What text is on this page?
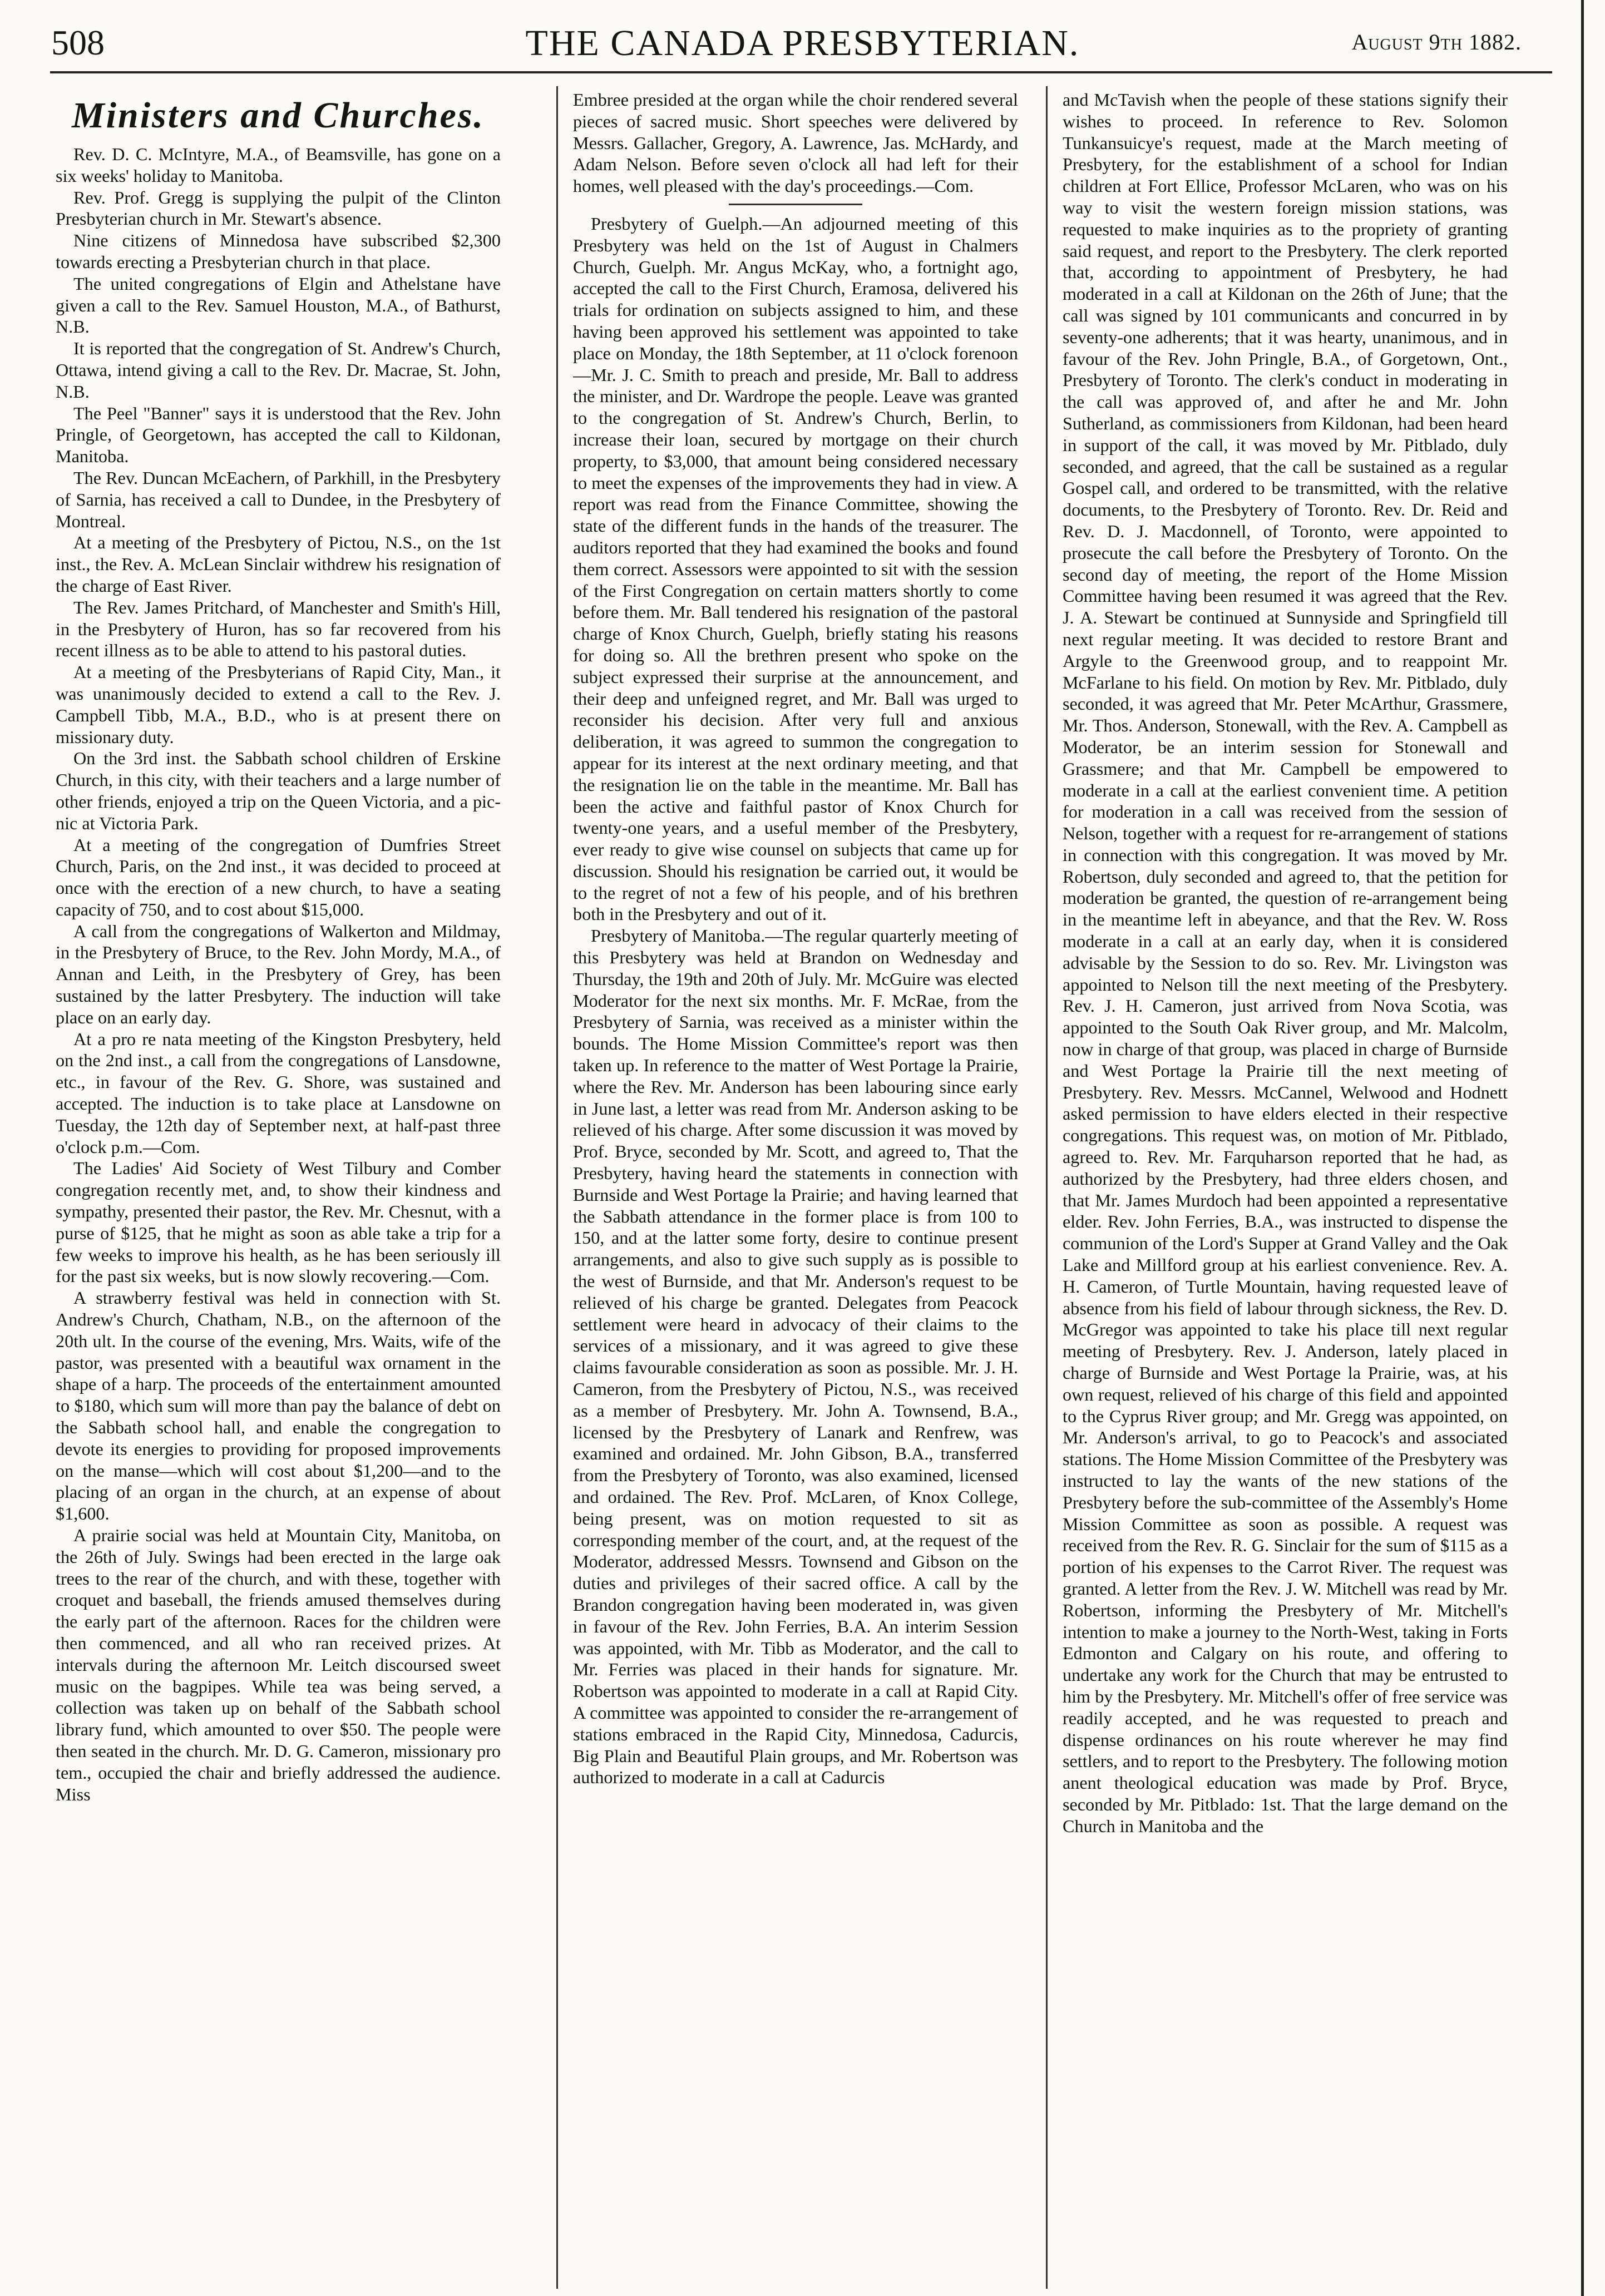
508	THE CANADA PRESBYTERIAN.	August 9th 1882.
Ministers and Churches.

Rev. D. C. McIntyre, M.A., of Beamsville, has gone on a six weeks' holiday to Manitoba.

Rev. Prof. Gregg is supplying the pulpit of the Clinton Presbyterian church in Mr. Stewart's absence.

Nine citizens of Minnedosa have subscribed $2,300 towards erecting a Presbyterian church in that place.

The united congregations of Elgin and Athelstane have given a call to the Rev. Samuel Houston, M.A., of Bathurst, N.B.

It is reported that the congregation of St. Andrew's Church, Ottawa, intend giving a call to the Rev. Dr. Macrae, St. John, N.B.

The Peel "Banner" says it is understood that the Rev. John Pringle, of Georgetown, has accepted the call to Kildonan, Manitoba.

The Rev. Duncan McEachern, of Parkhill, in the Presbytery of Sarnia, has received a call to Dundee, in the Presbytery of Montreal.

At a meeting of the Presbytery of Pictou, N.S., on the 1st inst., the Rev. A. McLean Sinclair withdrew his resignation of the charge of East River.

The Rev. James Pritchard, of Manchester and Smith's Hill, in the Presbytery of Huron, has so far recovered from his recent illness as to be able to attend to his pastoral duties.

At a meeting of the Presbyterians of Rapid City, Man., it was unanimously decided to extend a call to the Rev. J. Campbell Tibb, M.A., B.D., who is at present there on missionary duty.

On the 3rd inst. the Sabbath school children of Erskine Church, in this city, with their teachers and a large number of other friends, enjoyed a trip on the Queen Victoria, and a pic-nic at Victoria Park.

At a meeting of the congregation of Dumfries Street Church, Paris, on the 2nd inst., it was decided to proceed at once with the erection of a new church, to have a seating capacity of 750, and to cost about $15,000.

A call from the congregations of Walkerton and Mildmay, in the Presbytery of Bruce, to the Rev. John Mordy, M.A., of Annan and Leith, in the Presbytery of Grey, has been sustained by the latter Presbytery. The induction will take place on an early day.

At a pro re nata meeting of the Kingston Presbytery, held on the 2nd inst., a call from the congregations of Lansdowne, etc., in favour of the Rev. G. Shore, was sustained and accepted. The induction is to take place at Lansdowne on Tuesday, the 12th day of September next, at half-past three o'clock p.m.—Com.

The Ladies' Aid Society of West Tilbury and Comber congregation recently met, and, to show their kindness and sympathy, presented their pastor, the Rev. Mr. Chesnut, with a purse of $125, that he might as soon as able take a trip for a few weeks to improve his health, as he has been seriously ill for the past six weeks, but is now slowly recovering.—Com.

A strawberry festival was held in connection with St. Andrew's Church, Chatham, N.B., on the afternoon of the 20th ult. In the course of the evening, Mrs. Waits, wife of the pastor, was presented with a beautiful wax ornament in the shape of a harp. The proceeds of the entertainment amounted to $180, which sum will more than pay the balance of debt on the Sabbath school hall, and enable the congregation to devote its energies to providing for proposed improvements on the manse—which will cost about $1,200—and to the placing of an organ in the church, at an expense of about $1,600.

A prairie social was held at Mountain City, Manitoba, on the 26th of July. Swings had been erected in the large oak trees to the rear of the church, and with these, together with croquet and baseball, the friends amused themselves during the early part of the afternoon. Races for the children were then commenced, and all who ran received prizes. At intervals during the afternoon Mr. Leitch discoursed sweet music on the bagpipes. While tea was being served, a collection was taken up on behalf of the Sabbath school library fund, which amounted to over $50. The people were then seated in the church. Mr. D. G. Cameron, missionary pro tem., occupied the chair and briefly addressed the audience. Miss

Embree presided at the organ while the choir rendered several pieces of sacred music. Short speeches were delivered by Messrs. Gallacher, Gregory, A. Lawrence, Jas. McHardy, and Adam Nelson. Before seven o'clock all had left for their homes, well pleased with the day's proceedings.—Com.

Presbytery of Guelph.—An adjourned meeting of this Presbytery was held on the 1st of August in Chalmers Church, Guelph. Mr. Angus McKay, who, a fortnight ago, accepted the call to the First Church, Eramosa, delivered his trials for ordination on subjects assigned to him, and these having been approved his settlement was appointed to take place on Monday, the 18th September, at 11 o'clock forenoon—Mr. J. C. Smith to preach and preside, Mr. Ball to address the minister, and Dr. Wardrope the people. Leave was granted to the congregation of St. Andrew's Church, Berlin, to increase their loan, secured by mortgage on their church property, to $3,000, that amount being considered necessary to meet the expenses of the improvements they had in view. A report was read from the Finance Committee, showing the state of the different funds in the hands of the treasurer. The auditors reported that they had examined the books and found them correct. Assessors were appointed to sit with the session of the First Congregation on certain matters shortly to come before them. Mr. Ball tendered his resignation of the pastoral charge of Knox Church, Guelph, briefly stating his reasons for doing so. All the brethren present who spoke on the subject expressed their surprise at the announcement, and their deep and unfeigned regret, and Mr. Ball was urged to reconsider his decision. After very full and anxious deliberation, it was agreed to summon the congregation to appear for its interest at the next ordinary meeting, and that the resignation lie on the table in the meantime. Mr. Ball has been the active and faithful pastor of Knox Church for twenty-one years, and a useful member of the Presbytery, ever ready to give wise counsel on subjects that came up for discussion. Should his resignation be carried out, it would be to the regret of not a few of his people, and of his brethren both in the Presbytery and out of it.

Presbytery of Manitoba.—The regular quarterly meeting of this Presbytery was held at Brandon on Wednesday and Thursday, the 19th and 20th of July. Mr. McGuire was elected Moderator for the next six months. Mr. F. McRae, from the Presbytery of Sarnia, was received as a minister within the bounds. The Home Mission Committee's report was then taken up. In reference to the matter of West Portage la Prairie, where the Rev. Mr. Anderson has been labouring since early in June last, a letter was read from Mr. Anderson asking to be relieved of his charge. After some discussion it was moved by Prof. Bryce, seconded by Mr. Scott, and agreed to, That the Presbytery, having heard the statements in connection with Burnside and West Portage la Prairie; and having learned that the Sabbath attendance in the former place is from 100 to 150, and at the latter some forty, desire to continue present arrangements, and also to give such supply as is possible to the west of Burnside, and that Mr. Anderson's request to be relieved of his charge be granted. Delegates from Peacock settlement were heard in advocacy of their claims to the services of a missionary, and it was agreed to give these claims favourable consideration as soon as possible. Mr. J. H. Cameron, from the Presbytery of Pictou, N.S., was received as a member of Presbytery. Mr. John A. Townsend, B.A., licensed by the Presbytery of Lanark and Renfrew, was examined and ordained. Mr. John Gibson, B.A., transferred from the Presbytery of Toronto, was also examined, licensed and ordained. The Rev. Prof. McLaren, of Knox College, being present, was on motion requested to sit as corresponding member of the court, and, at the request of the Moderator, addressed Messrs. Townsend and Gibson on the duties and privileges of their sacred office. A call by the Brandon congregation having been moderated in, was given in favour of the Rev. John Ferries, B.A. An interim Session was appointed, with Mr. Tibb as Moderator, and the call to Mr. Ferries was placed in their hands for signature. Mr. Robertson was appointed to moderate in a call at Rapid City. A committee was appointed to consider the re-arrangement of stations embraced in the Rapid City, Minnedosa, Cadurcis, Big Plain and Beautiful Plain groups, and Mr. Robertson was authorized to moderate in a call at Cadurcis

and McTavish when the people of these stations signify their wishes to proceed. In reference to Rev. Solomon Tunkansuicye's request, made at the March meeting of Presbytery, for the establishment of a school for Indian children at Fort Ellice, Professor McLaren, who was on his way to visit the western foreign mission stations, was requested to make inquiries as to the propriety of granting said request, and report to the Presbytery. The clerk reported that, according to appointment of Presbytery, he had moderated in a call at Kildonan on the 26th of June; that the call was signed by 101 communicants and concurred in by seventy-one adherents; that it was hearty, unanimous, and in favour of the Rev. John Pringle, B.A., of Gorgetown, Ont., Presbytery of Toronto. The clerk's conduct in moderating in the call was approved of, and after he and Mr. John Sutherland, as commissioners from Kildonan, had been heard in support of the call, it was moved by Mr. Pitblado, duly seconded, and agreed, that the call be sustained as a regular Gospel call, and ordered to be transmitted, with the relative documents, to the Presbytery of Toronto. Rev. Dr. Reid and Rev. D. J. Macdonnell, of Toronto, were appointed to prosecute the call before the Presbytery of Toronto. On the second day of meeting, the report of the Home Mission Committee having been resumed it was agreed that the Rev. J. A. Stewart be continued at Sunnyside and Springfield till next regular meeting. It was decided to restore Brant and Argyle to the Greenwood group, and to reappoint Mr. McFarlane to his field. On motion by Rev. Mr. Pitblado, duly seconded, it was agreed that Mr. Peter McArthur, Grassmere, Mr. Thos. Anderson, Stonewall, with the Rev. A. Campbell as Moderator, be an interim session for Stonewall and Grassmere; and that Mr. Campbell be empowered to moderate in a call at the earliest convenient time. A petition for moderation in a call was received from the session of Nelson, together with a request for re-arrangement of stations in connection with this congregation. It was moved by Mr. Robertson, duly seconded and agreed to, that the petition for moderation be granted, the question of re-arrangement being in the meantime left in abeyance, and that the Rev. W. Ross moderate in a call at an early day, when it is considered advisable by the Session to do so. Rev. Mr. Livingston was appointed to Nelson till the next meeting of the Presbytery. Rev. J. H. Cameron, just arrived from Nova Scotia, was appointed to the South Oak River group, and Mr. Malcolm, now in charge of that group, was placed in charge of Burnside and West Portage la Prairie till the next meeting of Presbytery. Rev. Messrs. McCannel, Welwood and Hodnett asked permission to have elders elected in their respective congregations. This request was, on motion of Mr. Pitblado, agreed to. Rev. Mr. Farquharson reported that he had, as authorized by the Presbytery, had three elders chosen, and that Mr. James Murdoch had been appointed a representative elder. Rev. John Ferries, B.A., was instructed to dispense the communion of the Lord's Supper at Grand Valley and the Oak Lake and Millford group at his earliest convenience. Rev. A. H. Cameron, of Turtle Mountain, having requested leave of absence from his field of labour through sickness, the Rev. D. McGregor was appointed to take his place till next regular meeting of Presbytery. Rev. J. Anderson, lately placed in charge of Burnside and West Portage la Prairie, was, at his own request, relieved of his charge of this field and appointed to the Cyprus River group; and Mr. Gregg was appointed, on Mr. Anderson's arrival, to go to Peacock's and associated stations. The Home Mission Committee of the Presbytery was instructed to lay the wants of the new stations of the Presbytery before the sub-committee of the Assembly's Home Mission Committee as soon as possible. A request was received from the Rev. R. G. Sinclair for the sum of $115 as a portion of his expenses to the Carrot River. The request was granted. A letter from the Rev. J. W. Mitchell was read by Mr. Robertson, informing the Presbytery of Mr. Mitchell's intention to make a journey to the North-West, taking in Forts Edmonton and Calgary on his route, and offering to undertake any work for the Church that may be entrusted to him by the Presbytery. Mr. Mitchell's offer of free service was readily accepted, and he was requested to preach and dispense ordinances on his route wherever he may find settlers, and to report to the Presbytery. The following motion anent theological education was made by Prof. Bryce, seconded by Mr. Pitblado: 1st. That the large demand on the Church in Manitoba and the
